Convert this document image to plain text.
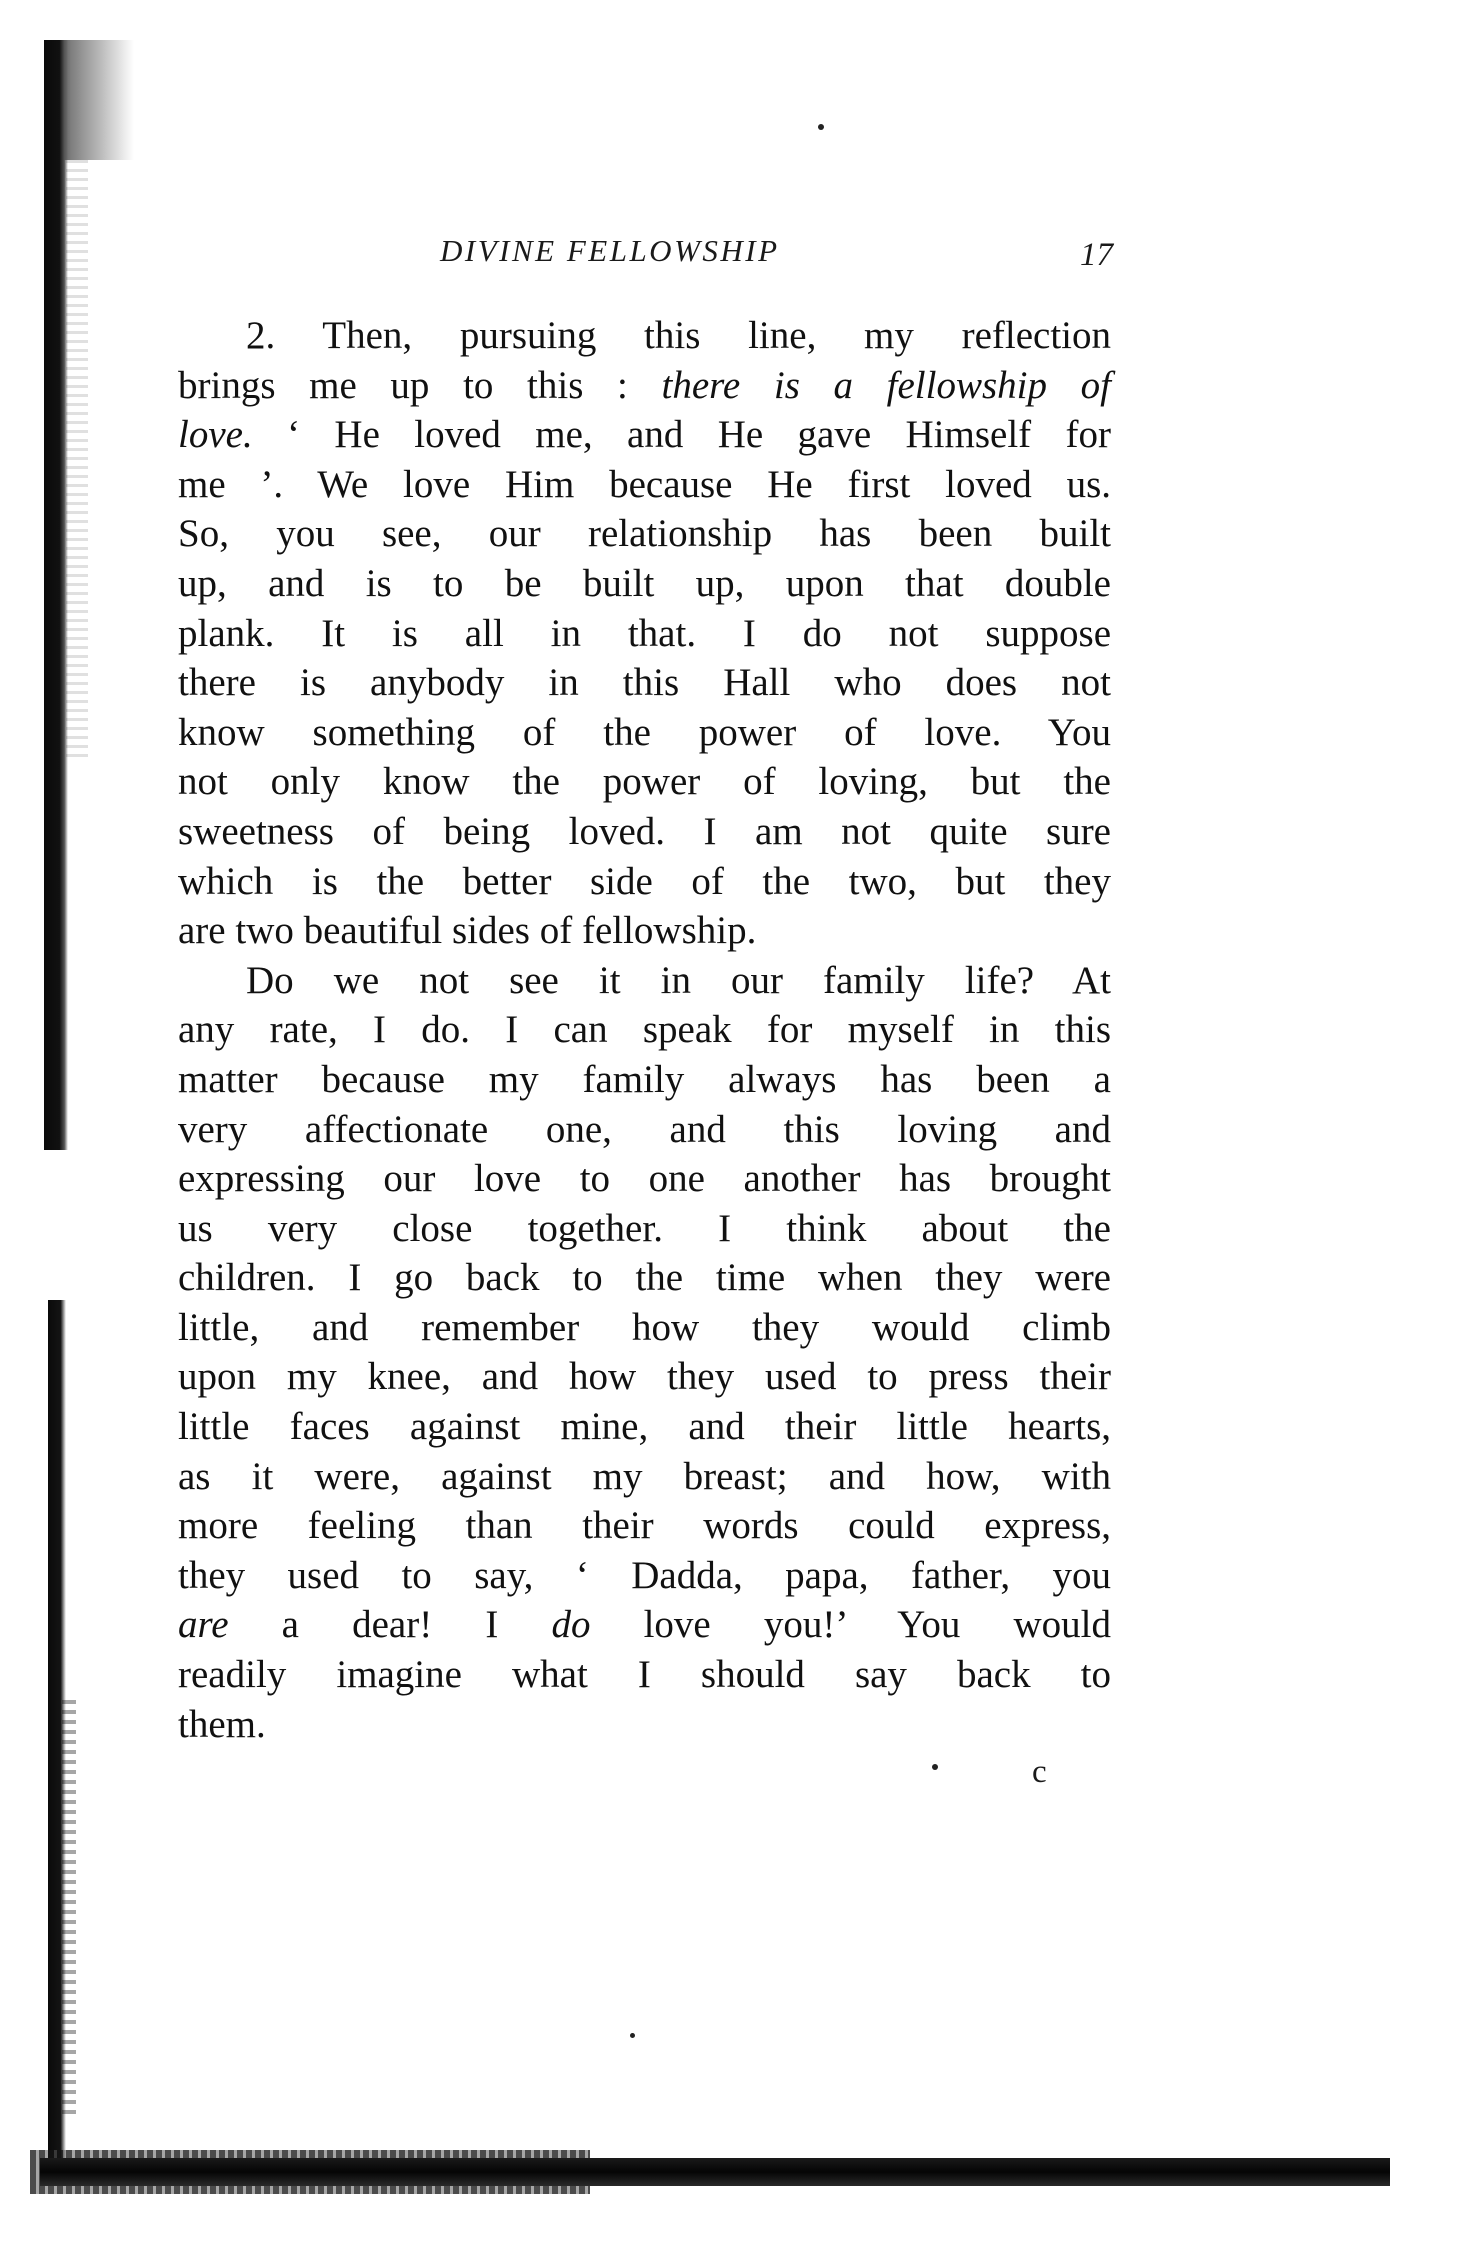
DIVINE FELLOWSHIP	17
2. Then, pursuing this line, my reflection
brings me up to this : there is a fellowship of
love. ‘ He loved me, and He gave Himself for
me ’. We love Him because He first loved us.
So, you see, our relationship has been built
up, and is to be built up, upon that double
plank. It is all in that. I do not suppose
there is anybody in this Hall who does not
know something of the power of love. You
not only know the power of loving, but the
sweetness of being loved. I am not quite sure
which is the better side of the two, but they
are two beautiful sides of fellowship.
Do we not see it in our family life? At
any rate, I do. I can speak for myself in this
matter because my family always has been a
very affectionate one, and this loving and
expressing our love to one another has brought
us very close together. I think about the
children. I go back to the time when they were
little, and remember how they would climb
upon my knee, and how they used to press their
little faces against mine, and their little hearts,
as it were, against my breast; and how, with
more feeling than their words could express,
they used to say, ‘ Dadda, papa, father, you
are a dear! I do love you!’ You would
readily imagine what I should say back to
them.
c
